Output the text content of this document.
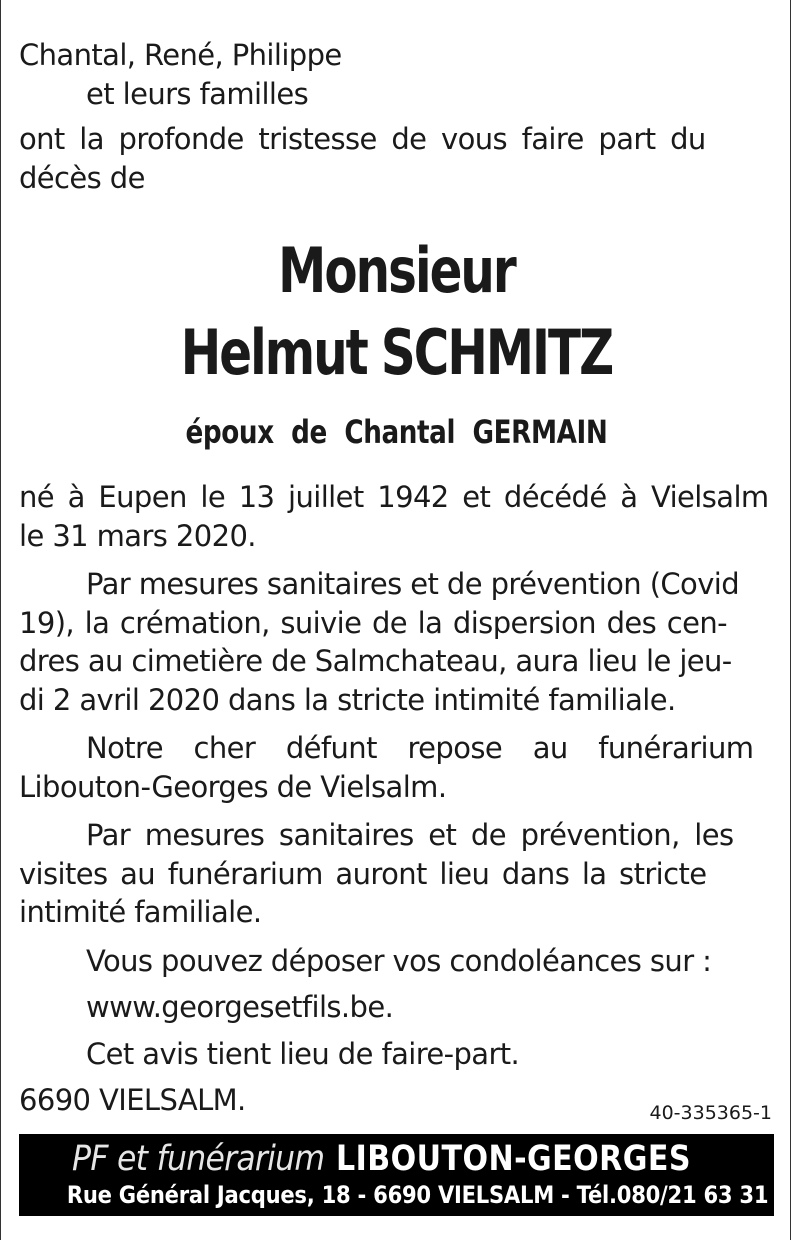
Chantal, René, Philippe
et leurs familles
ont la profonde tristesse de vous faire part du
décès de
Monsieur
Helmut SCHMITZ
époux de Chantal GERMAIN
né à Eupen le 13 juillet 1942 et décédé à Vielsalm
le 31 mars 2020.
Par mesures sanitaires et de prévention (Covid
19), la crémation, suivie de la dispersion des cen-
dres au cimetière de Salmchateau, aura lieu le jeu-
di 2 avril 2020 dans la stricte intimité familiale.
Notre cher défunt repose au funérarium
Libouton-Georges de Vielsalm.
Par mesures sanitaires et de prévention, les
visites au funérarium auront lieu dans la stricte
intimité familiale.
Vous pouvez déposer vos condoléances sur :
www.georgesetfils.be.
Cet avis tient lieu de faire-part.
6690 VIELSALM.	40-335365-1
PF et funérarium LIBOUTON-GEORGES
Rue Général Jacques, 18 - 6690 VIELSALM - Tél.080/21 63 31
